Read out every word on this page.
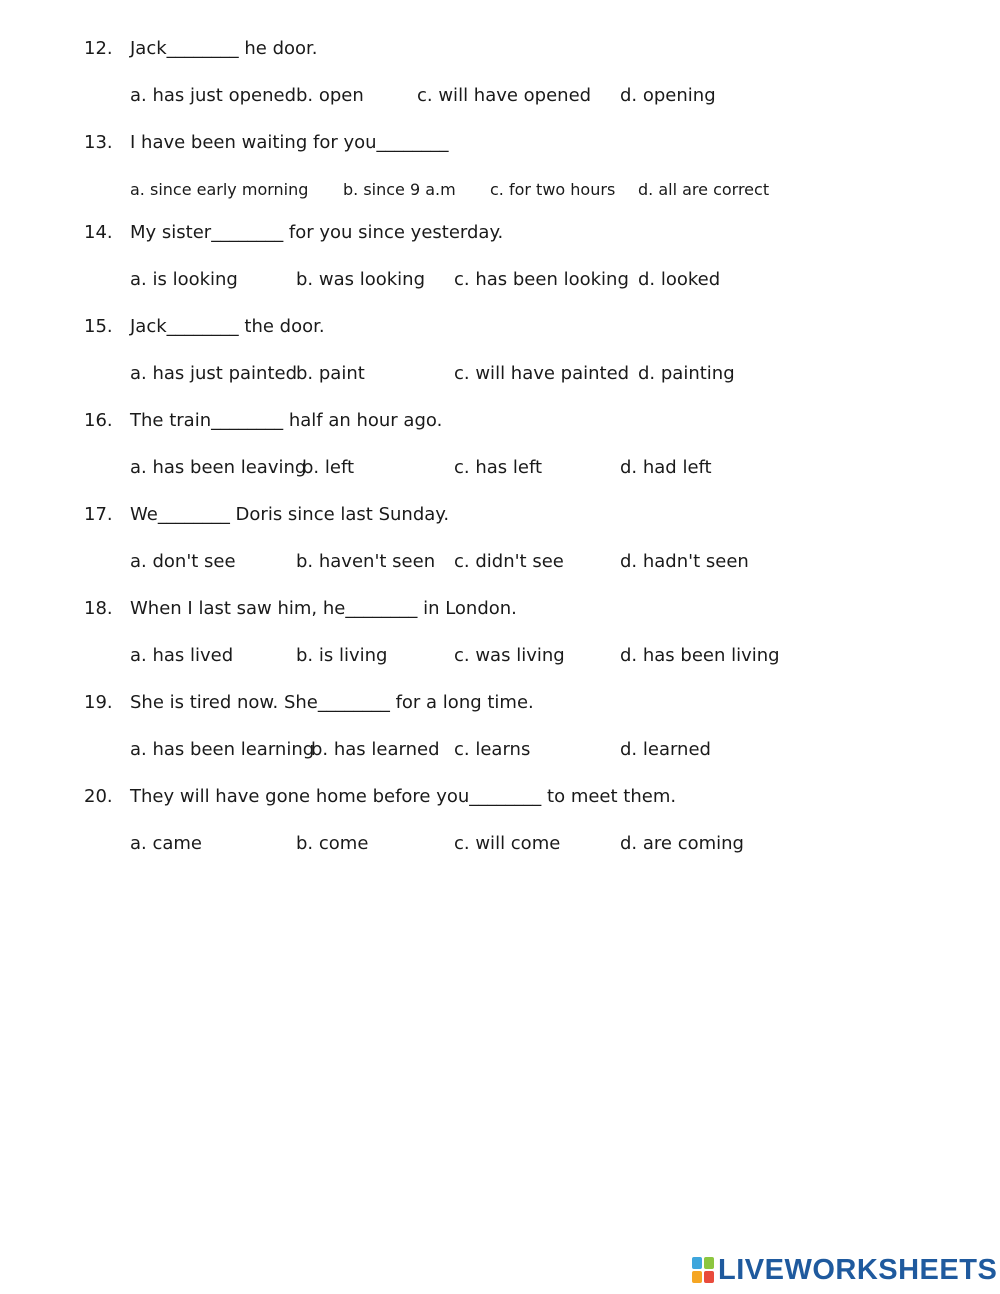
12. Jack________ he door.
a. has just opened b. open	c. will have opened d. opening
13. I have been waiting for you________
a. since early morning b. since 9 a.m c. for two hours d. all are correct
14. My sister________ for you since yesterday.
a. is looking	b. was looking c. has been looking d. looked
15. Jack________ the door.
a. has just painted
b. paint	c. will have painted d. painting
16. The train________ half an hour ago.
a. has been leaving
b. left	c. has left	d. had left
17. We________ Doris since last Sunday.
a. don't see	b. haven't seen c. didn't see	d. hadn't seen
18. When I last saw him, he________ in London.
a. has lived	b. is living	c. was living	d. has been living
19. She is tired now. She________ for a long time.
a. has been learning
b. has learned c. learns	d. learned
20. They will have gone home before you________ to meet them.
a. came	b. come	c. will come	d. are coming
LIVEWORKSHEETS
